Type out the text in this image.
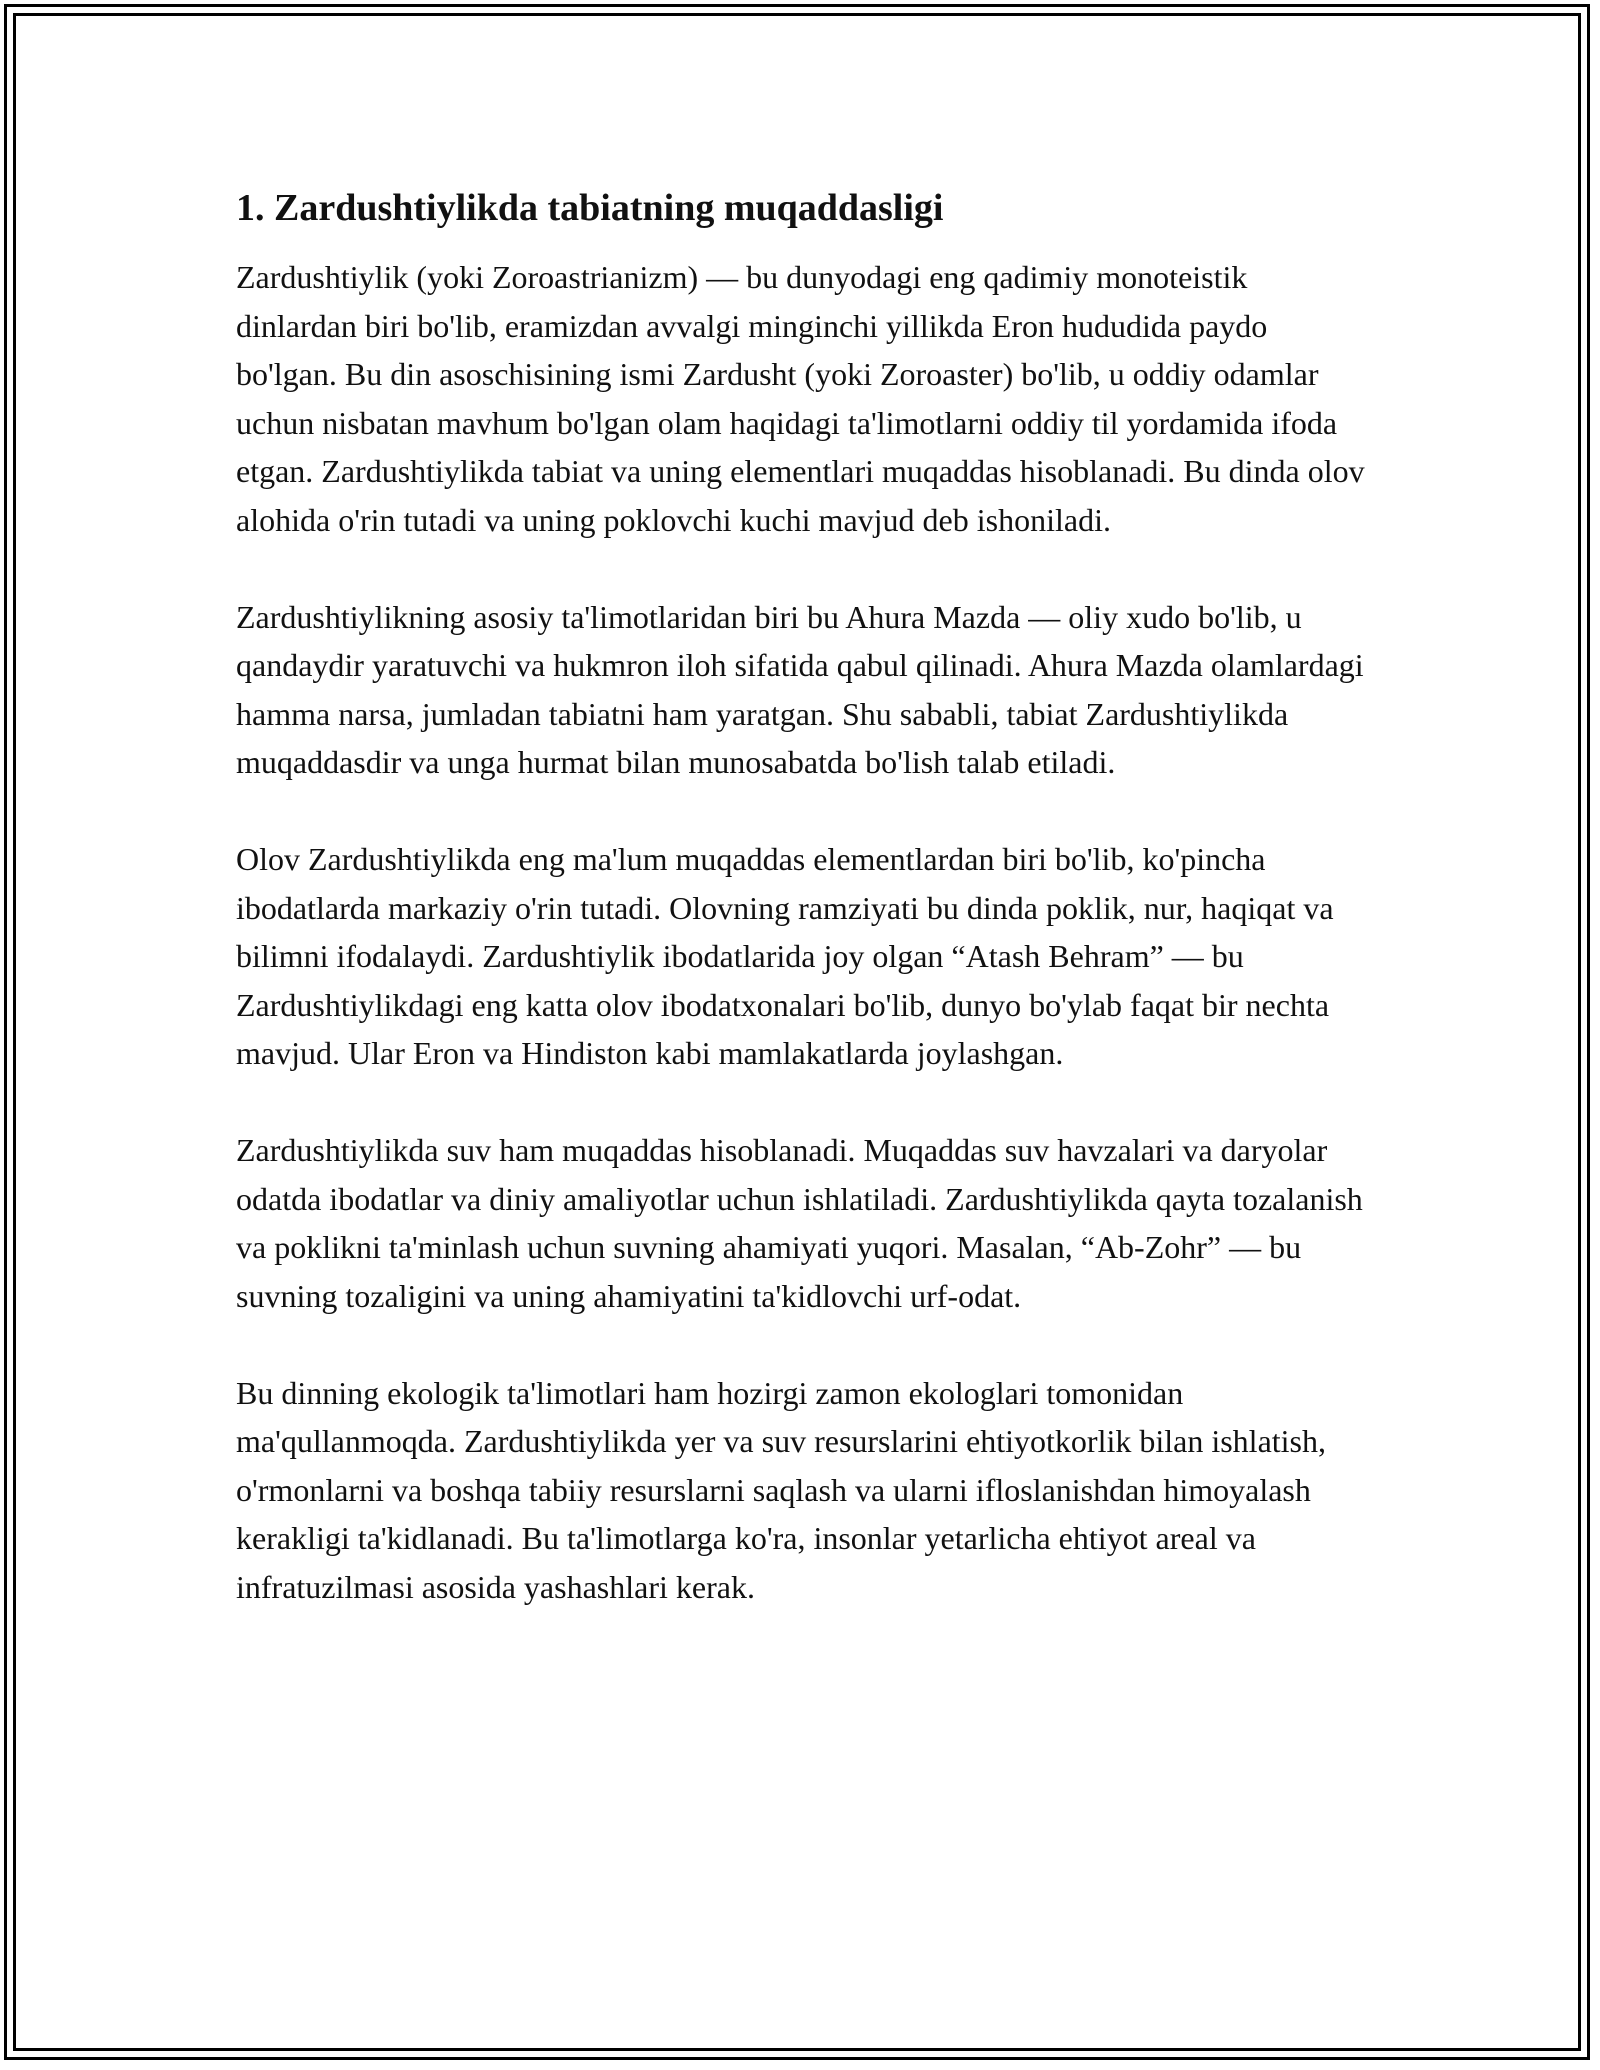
1. Zardushtiylikda tabiatning muqaddasligi

Zardushtiylik (yoki Zoroastrianizm) — bu dunyodagi eng qadimiy monoteistik dinlardan biri bo'lib, eramizdan avvalgi minginchi yillikda Eron hududida paydo bo'lgan. Bu din asoschisining ismi Zardusht (yoki Zoroaster) bo'lib, u oddiy odamlar uchun nisbatan mavhum bo'lgan olam haqidagi ta'limotlarni oddiy til yordamida ifoda etgan. Zardushtiylikda tabiat va uning elementlari muqaddas hisoblanadi. Bu dinda olov alohida o'rin tutadi va uning poklovchi kuchi mavjud deb ishoniladi.

Zardushtiylikning asosiy ta'limotlaridan biri bu Ahura Mazda — oliy xudo bo'lib, u qandaydir yaratuvchi va hukmron iloh sifatida qabul qilinadi. Ahura Mazda olamlardagi hamma narsa, jumladan tabiatni ham yaratgan. Shu sababli, tabiat Zardushtiylikda muqaddasdir va unga hurmat bilan munosabatda bo'lish talab etiladi.

Olov Zardushtiylikda eng ma'lum muqaddas elementlardan biri bo'lib, ko'pincha ibodatlarda markaziy o'rin tutadi. Olovning ramziyati bu dinda poklik, nur, haqiqat va bilimni ifodalaydi. Zardushtiylik ibodatlarida joy olgan “Atash Behram” — bu Zardushtiylikdagi eng katta olov ibodatxonalari bo'lib, dunyo bo'ylab faqat bir nechta mavjud. Ular Eron va Hindiston kabi mamlakatlarda joylashgan.

Zardushtiylikda suv ham muqaddas hisoblanadi. Muqaddas suv havzalari va daryolar odatda ibodatlar va diniy amaliyotlar uchun ishlatiladi. Zardushtiylikda qayta tozalanish va poklikni ta'minlash uchun suvning ahamiyati yuqori. Masalan, “Ab-Zohr” — bu suvning tozaligini va uning ahamiyatini ta'kidlovchi urf-odat.

Bu dinning ekologik ta'limotlari ham hozirgi zamon ekologlari tomonidan ma'qullanmoqda. Zardushtiylikda yer va suv resurslarini ehtiyotkorlik bilan ishlatish, o'rmonlarni va boshqa tabiiy resurslarni saqlash va ularni ifloslanishdan himoyalash kerakligi ta'kidlanadi. Bu ta'limotlarga ko'ra, insonlar yetarlicha ehtiyot areal va infratuzilmasi asosida yashashlari kerak.
